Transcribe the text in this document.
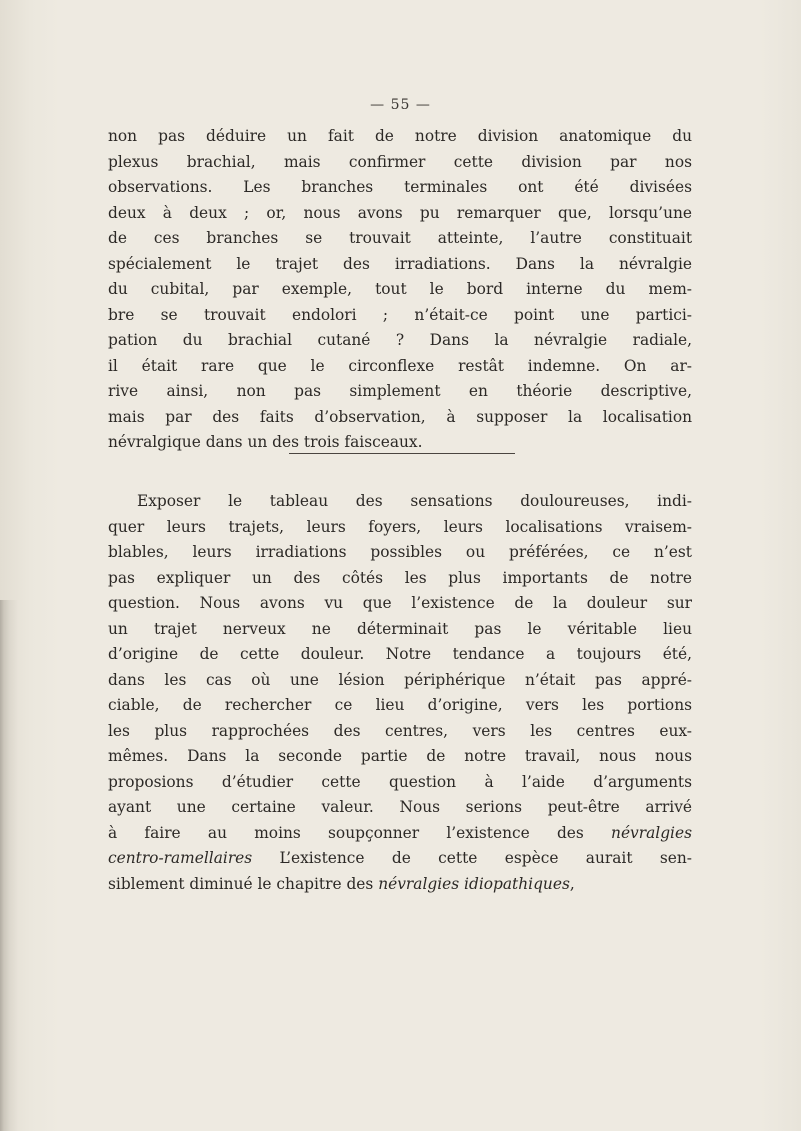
— 55 —
non pas déduire un fait de notre division anatomique du
plexus brachial, mais confirmer cette division par nos
observations. Les branches terminales ont été divisées
deux à deux ; or, nous avons pu remarquer que, lorsqu’une
de ces branches se trouvait atteinte, l’autre constituait
spécialement le trajet des irradiations. Dans la névralgie
du cubital, par exemple, tout le bord interne du mem-
bre se trouvait endolori ; n’était-ce point une partici-
pation du brachial cutané ? Dans la névralgie radiale,
il était rare que le circonflexe restât indemne. On ar-
rive ainsi, non pas simplement en théorie descriptive,
mais par des faits d’observation, à supposer la localisation
névralgique dans un des trois faisceaux.
Exposer le tableau des sensations douloureuses, indi-
quer leurs trajets, leurs foyers, leurs localisations vraisem-
blables, leurs irradiations possibles ou préférées, ce n’est
pas expliquer un des côtés les plus importants de notre
question. Nous avons vu que l’existence de la douleur sur
un trajet nerveux ne déterminait pas le véritable lieu
d’origine de cette douleur. Notre tendance a toujours été,
dans les cas où une lésion périphérique n’était pas appré-
ciable, de rechercher ce lieu d’origine, vers les portions
les plus rapprochées des centres, vers les centres eux-
mêmes. Dans la seconde partie de notre travail, nous nous
proposions d’étudier cette question à l’aide d’arguments
ayant une certaine valeur. Nous serions peut-être arrivé
à faire au moins soupçonner l’existence des névralgies
centro-ramellaires L’existence de cette espèce aurait sen-
siblement diminué le chapitre des névralgies idiopathiques,
